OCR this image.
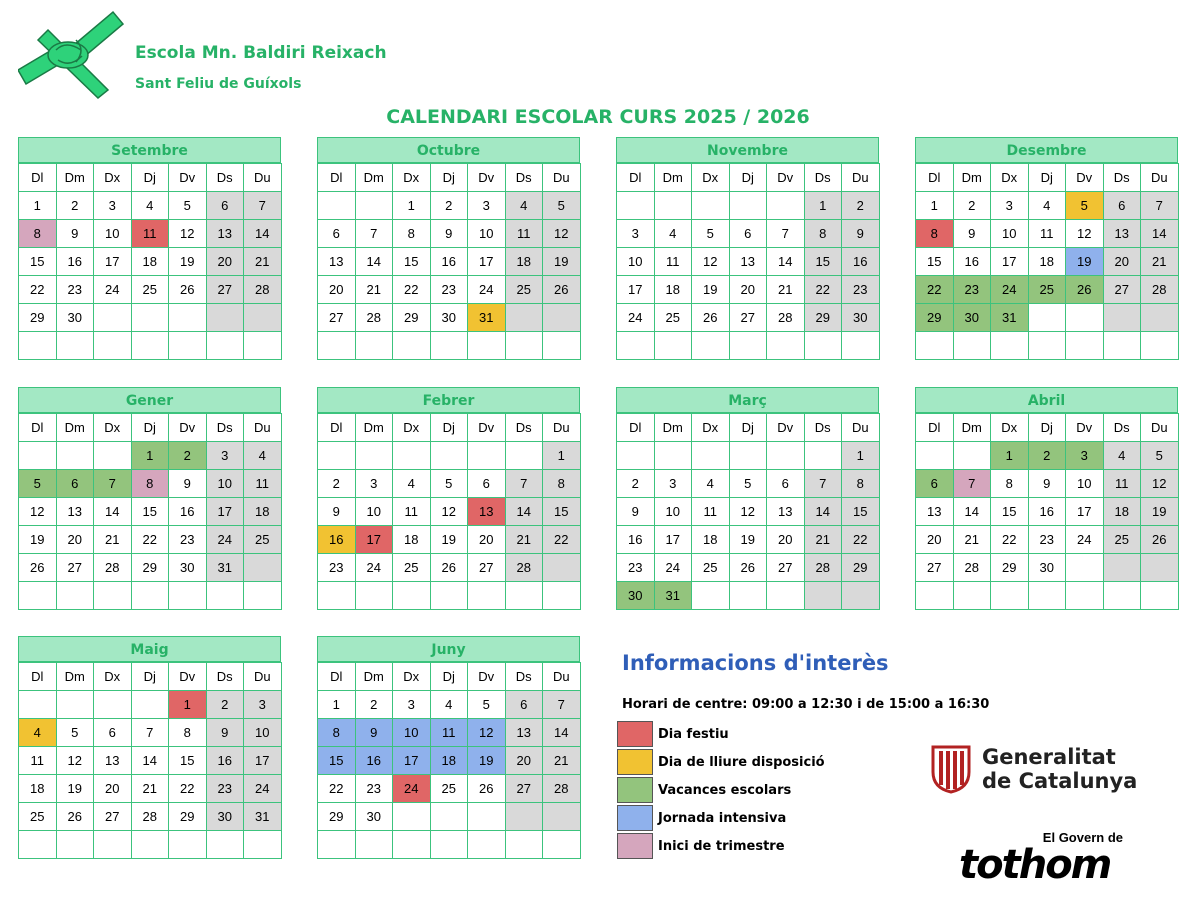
Escola Mn. Baldiri Reixach
Sant Feliu de Guíxols
CALENDARI ESCOLAR CURS 2025 / 2026
Setembre
Dl	Dm	Dx	Dj	Dv	Ds	Du
1	2	3	4	5	6	7
8	9	10	11	12	13	14
15	16	17	18	19	20	21
22	23	24	25	26	27	28
29	30					

Octubre
Dl	Dm	Dx	Dj	Dv	Ds	Du
		1	2	3	4	5
6	7	8	9	10	11	12
13	14	15	16	17	18	19
20	21	22	23	24	25	26
27	28	29	30	31		

Novembre
Dl	Dm	Dx	Dj	Dv	Ds	Du
					1	2
3	4	5	6	7	8	9
10	11	12	13	14	15	16
17	18	19	20	21	22	23
24	25	26	27	28	29	30

Desembre
Dl	Dm	Dx	Dj	Dv	Ds	Du
1	2	3	4	5	6	7
8	9	10	11	12	13	14
15	16	17	18	19	20	21
22	23	24	25	26	27	28
29	30	31				

Gener
Dl	Dm	Dx	Dj	Dv	Ds	Du
			1	2	3	4
5	6	7	8	9	10	11
12	13	14	15	16	17	18
19	20	21	22	23	24	25
26	27	28	29	30	31	

Febrer
Dl	Dm	Dx	Dj	Dv	Ds	Du
						1
2	3	4	5	6	7	8
9	10	11	12	13	14	15
16	17	18	19	20	21	22
23	24	25	26	27	28	

Març
Dl	Dm	Dx	Dj	Dv	Ds	Du
						1
2	3	4	5	6	7	8
9	10	11	12	13	14	15
16	17	18	19	20	21	22
23	24	25	26	27	28	29
30	31					
Abril
Dl	Dm	Dx	Dj	Dv	Ds	Du
		1	2	3	4	5
6	7	8	9	10	11	12
13	14	15	16	17	18	19
20	21	22	23	24	25	26
27	28	29	30			

Maig
Dl	Dm	Dx	Dj	Dv	Ds	Du
				1	2	3
4	5	6	7	8	9	10
11	12	13	14	15	16	17
18	19	20	21	22	23	24
25	26	27	28	29	30	31

Juny
Dl	Dm	Dx	Dj	Dv	Ds	Du
1	2	3	4	5	6	7
8	9	10	11	12	13	14
15	16	17	18	19	20	21
22	23	24	25	26	27	28
29	30					

Informacions d'interès
Horari de centre: 09:00 a 12:30 i de 15:00 a 16:30
Dia festiu
Dia de lliure disposició
Vacances escolars
Jornada intensiva
Inici de trimestre
Generalitat
de Catalunya
El Govern de
tothom
